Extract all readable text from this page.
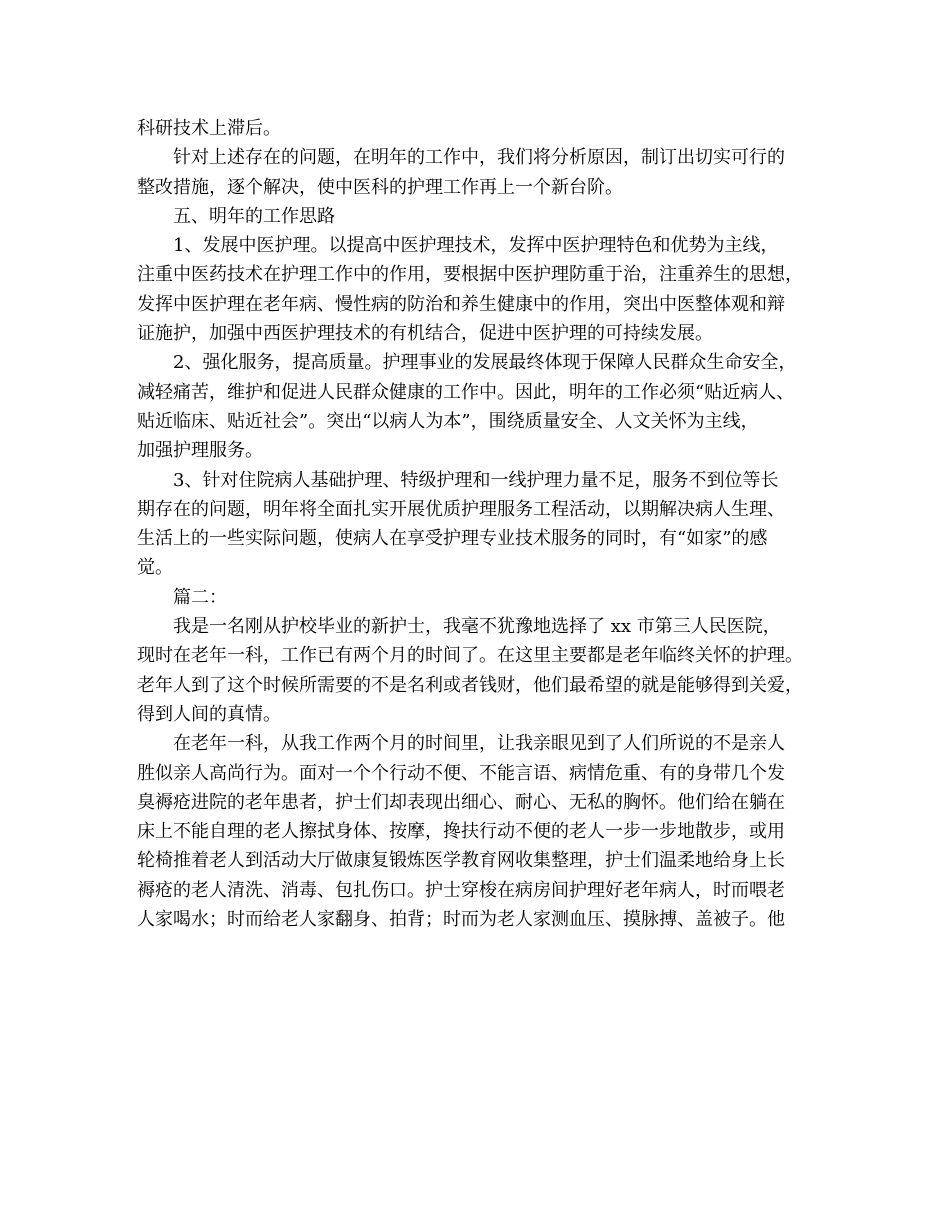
科研技术上滞后。
针对上述存在的问题，在明年的工作中，我们将分析原因，制订出切实可行的
整改措施，逐个解决，使中医科的护理工作再上一个新台阶。
五、明年的工作思路
1、发展中医护理。以提高中医护理技术，发挥中医护理特色和优势为主线，
注重中医药技术在护理工作中的作用，要根据中医护理防重于治，注重养生的思想，
发挥中医护理在老年病、慢性病的防治和养生健康中的作用，突出中医整体观和辩
证施护，加强中西医护理技术的有机结合，促进中医护理的可持续发展。
2、强化服务，提高质量。护理事业的发展最终体现于保障人民群众生命安全，
减轻痛苦，维护和促进人民群众健康的工作中。因此，明年的工作必须“贴近病人、
贴近临床、贴近社会”。突出“以病人为本”，围绕质量安全、人文关怀为主线，
加强护理服务。
3、针对住院病人基础护理、特级护理和一线护理力量不足，服务不到位等长
期存在的问题，明年将全面扎实开展优质护理服务工程活动，以期解决病人生理、
生活上的一些实际问题，使病人在享受护理专业技术服务的同时，有“如家”的感
觉。
篇二：
我是一名刚从护校毕业的新护士，我毫不犹豫地选择了 xx 市第三人民医院，
现时在老年一科，工作已有两个月的时间了。在这里主要都是老年临终关怀的护理。
老年人到了这个时候所需要的不是名利或者钱财，他们最希望的就是能够得到关爱，
得到人间的真情。
在老年一科，从我工作两个月的时间里，让我亲眼见到了人们所说的不是亲人
胜似亲人高尚行为。面对一个个行动不便、不能言语、病情危重、有的身带几个发
臭褥疮进院的老年患者，护士们却表现出细心、耐心、无私的胸怀。他们给在躺在
床上不能自理的老人擦拭身体、按摩，搀扶行动不便的老人一步一步地散步，或用
轮椅推着老人到活动大厅做康复锻炼医学教育网收集整理，护士们温柔地给身上长
褥疮的老人清洗、消毒、包扎伤口。护士穿梭在病房间护理好老年病人，时而喂老
人家喝水；时而给老人家翻身、拍背；时而为老人家测血压、摸脉搏、盖被子。他
